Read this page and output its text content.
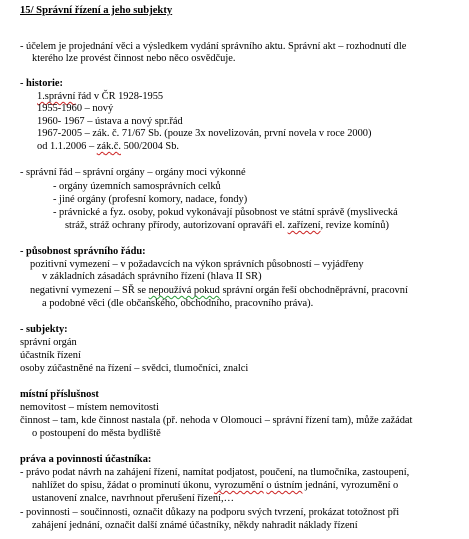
15/ Správní řízení a jeho subjekty
- účelem je projednání věci a výsledkem vydání správního aktu. Správní akt – rozhodnutí dle
kterého lze provést činnost nebo něco osvědčuje.
- historie:
1.správní řád v ČR 1928-1955
1955-1960 – nový
1960- 1967 – ústava a nový spr.řád
1967-2005 – zák. č. 71/67 Sb. (pouze 3x novelizován, první novela v roce 2000)
od 1.1.2006 – zák.č. 500/2004 Sb.
- správní řád – správní orgány – orgány moci výkonné
- orgány územních samosprávních celků
- jiné orgány (profesní komory, nadace, fondy)
- právnické a fyz. osoby, pokud vykonávají působnost ve státní správě (myslivecká
stráž, stráž ochrany přírody, autorizovaní opraváři el. zařízení, revize komínů)
- působnost správního řádu:
pozitivní vymezení – v požadavcích na výkon správních působností – vyjádřeny
v základních zásadách správního řízení (hlava II SR)
negativní vymezení – SŘ se nepoužívá pokud správní orgán řeší obchodněprávní, pracovní
a podobné věci (dle občanského, obchodního, pracovního práva).
- subjekty:
správní orgán
účastník řízení
osoby zúčastněné na řízení – svědci, tlumočníci, znalci
místní příslušnost
nemovitost – místem nemovitosti
činnost – tam, kde činnost nastala (př. nehoda v Olomouci – správní řízení tam), může zažádat
o postoupení do města bydliště
práva a povinnosti účastníka:
- právo podat návrh na zahájení řízení, namítat podjatost, poučení, na tlumočníka, zastoupení,
nahlížet do spisu, žádat o prominutí úkonu, vyrozumění o ústním jednání, vyrozumění o
ustanovení znalce, navrhnout přerušení řízení,…
- povinnosti – součinnosti, označit důkazy na podporu svých tvrzení, prokázat totožnost při
zahájení jednání, označit další známé účastníky, někdy nahradit náklady řízení
